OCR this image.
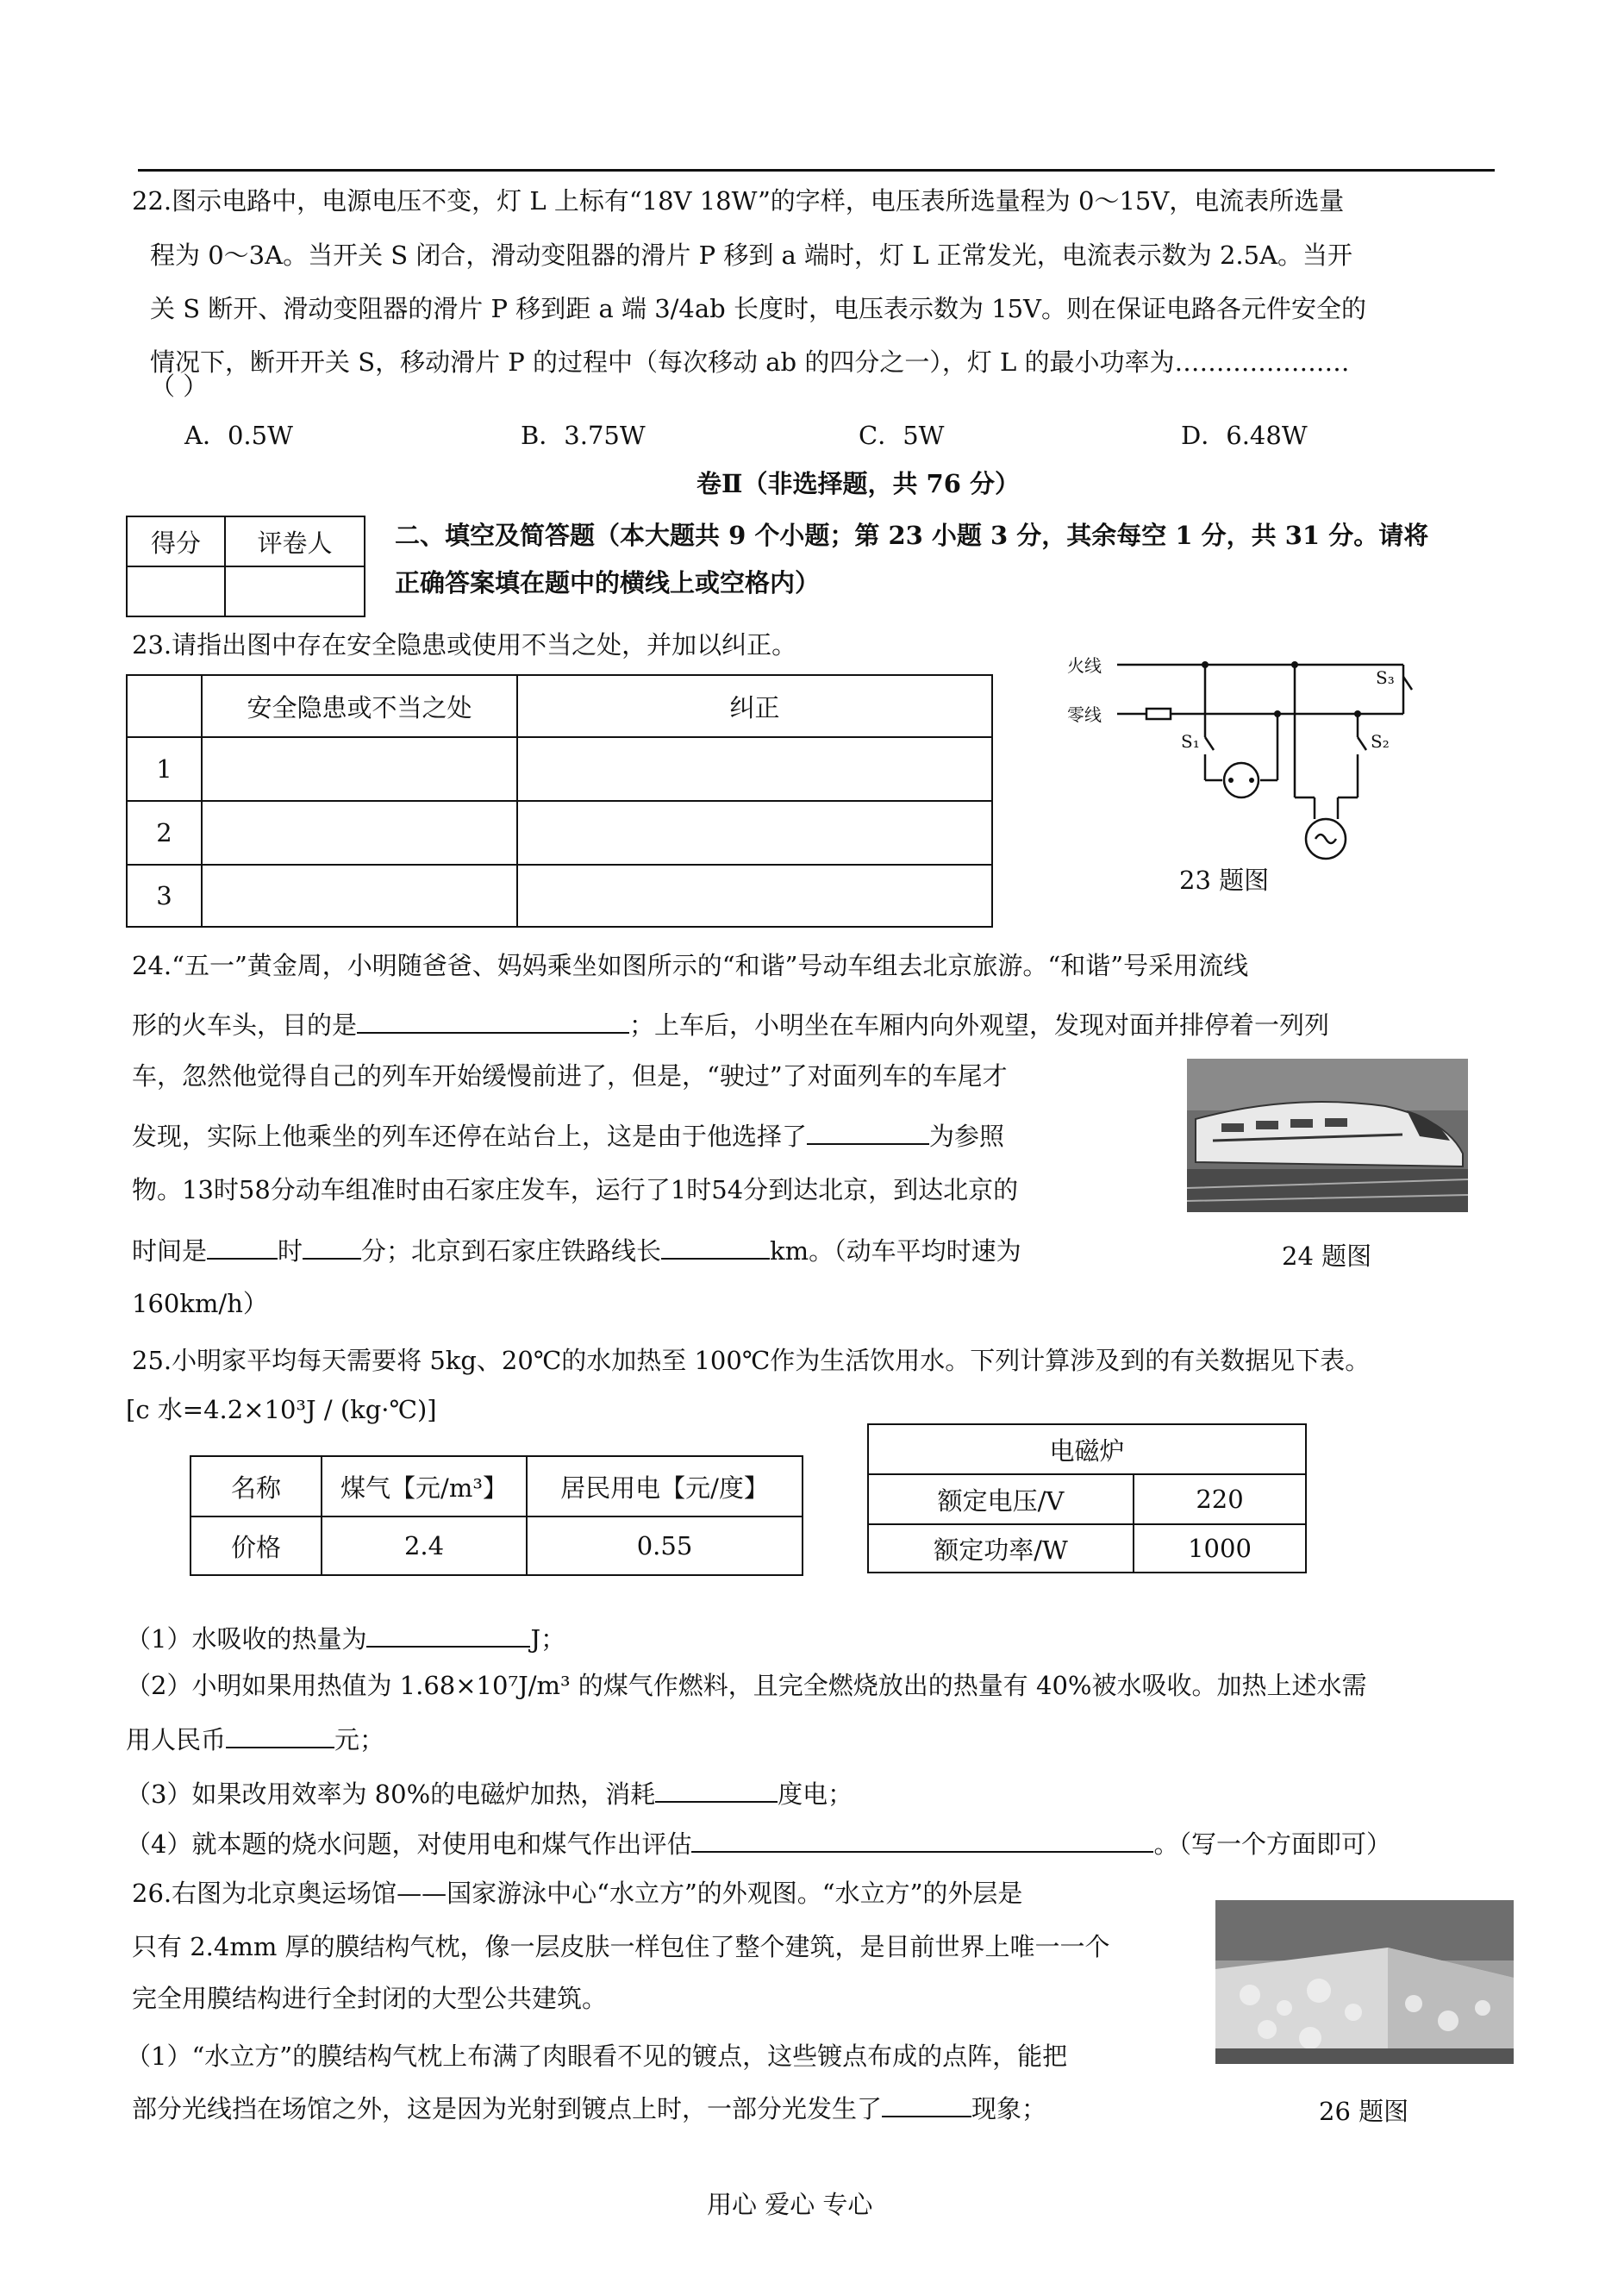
22.图示电路中，电源电压不变，灯 L 上标有“18V 18W”的字样，电压表所选量程为 0～15V，电流表所选量
程为 0～3A。当开关 S 闭合，滑动变阻器的滑片 P 移到 a 端时，灯 L 正常发光，电流表示数为 2.5A。当开
关 S 断开、滑动变阻器的滑片 P 移到距 a 端 3/4ab 长度时，电压表示数为 15V。则在保证电路各元件安全的
情况下，断开开关 S，移动滑片 P 的过程中（每次移动 ab 的四分之一），灯 L 的最小功率为…………………
（ ）
A．0.5W	B．3.75W	C．5W	D．6.48W
卷Ⅱ（非选择题，共 76 分）
得分	评卷人
		二、填空及简答题（本大题共 9 个小题；第 23 小题 3 分，其余每空 1 分，共 31 分。请将
正确答案填在题中的横线上或空格内）
23.请指出图中存在安全隐患或使用不当之处，并加以纠正。
	安全隐患或不当之处	纠正
1		
2		
3		
火线
零线
S₁	S₂
S₃
23 题图
24.“五一”黄金周，小明随爸爸、妈妈乘坐如图所示的“和谐”号动车组去北京旅游。“和谐”号采用流线
形的火车头，目的是	；上车后，小明坐在车厢内向外观望，发现对面并排停着一列列
车，忽然他觉得自己的列车开始缓慢前进了，但是，“驶过”了对面列车的车尾才
发现，实际上他乘坐的列车还停在站台上，这是由于他选择了	为参照
物。13时58分动车组准时由石家庄发车，运行了1时54分到达北京，到达北京的
时间是	时 分；北京到石家庄铁路线长	km。（动车平均时速为
160km/h）
24 题图
25.小明家平均每天需要将 5kg、20℃的水加热至 100℃作为生活饮用水。下列计算涉及到的有关数据见下表。
[c 水=4.2×10³J / (kg·℃)]
名称	煤气【元/m³】	居民用电【元/度】
价格	2.4	0.55
电磁炉	
额定电压/V	220
额定功率/W	1000
（1）水吸收的热量为	J；
（2）小明如果用热值为 1.68×10⁷J/m³ 的煤气作燃料，且完全燃烧放出的热量有 40%被水吸收。加热上述水需
用人民币	元；
（3）如果改用效率为 80%的电磁炉加热，消耗	度电；
（4）就本题的烧水问题，对使用电和煤气作出评估	。（写一个方面即可）
26.右图为北京奥运场馆——国家游泳中心“水立方”的外观图。“水立方”的外层是
只有 2.4mm 厚的膜结构气枕，像一层皮肤一样包住了整个建筑，是目前世界上唯一一个
完全用膜结构进行全封闭的大型公共建筑。
（1）“水立方”的膜结构气枕上布满了肉眼看不见的镀点，这些镀点布成的点阵，能把
部分光线挡在场馆之外，这是因为光射到镀点上时，一部分光发生了	现象；	26 题图
用心 爱心 专心
